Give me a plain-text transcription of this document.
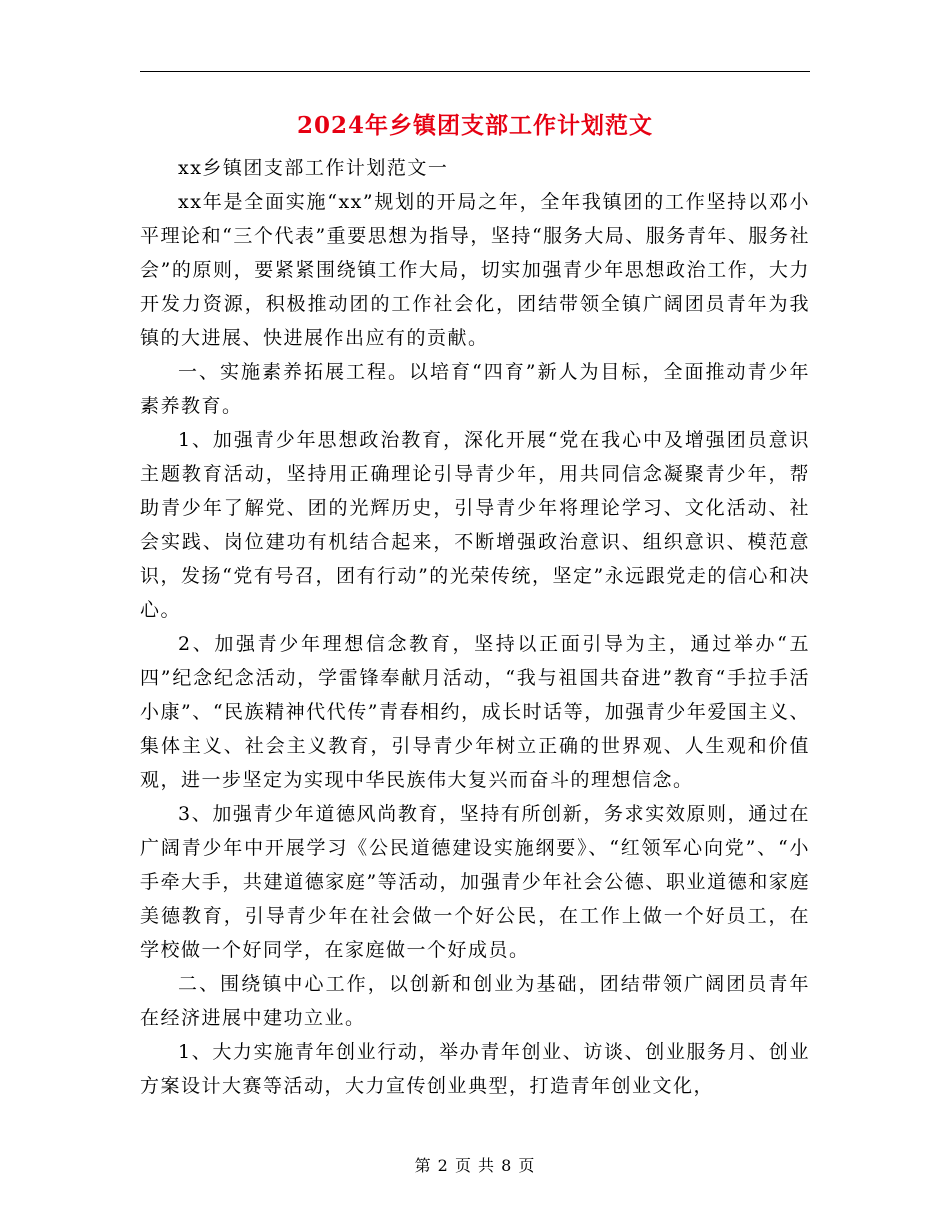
2024年乡镇团支部工作计划范文

xx乡镇团支部工作计划范文一

xx年是全面实施“xx”规划的开局之年，全年我镇团的工作坚持以邓小平理论和“三个代表”重要思想为指导，坚持“服务大局、服务青年、服务社会”的原则，要紧紧围绕镇工作大局，切实加强青少年思想政治工作，大力开发力资源，积极推动团的工作社会化，团结带领全镇广阔团员青年为我镇的大进展、快进展作出应有的贡献。

一、实施素养拓展工程。以培育“四育”新人为目标，全面推动青少年素养教育。

1、加强青少年思想政治教育，深化开展“党在我心中及增强团员意识主题教育活动，坚持用正确理论引导青少年，用共同信念凝聚青少年，帮助青少年了解党、团的光辉历史，引导青少年将理论学习、文化活动、社会实践、岗位建功有机结合起来，不断增强政治意识、组织意识、模范意识，发扬“党有号召，团有行动”的光荣传统，坚定”永远跟党走的信心和决心。

2、加强青少年理想信念教育，坚持以正面引导为主，通过举办“五四”纪念纪念活动，学雷锋奉献月活动，“我与祖国共奋进”教育“手拉手活小康”、“民族精神代代传”青春相约，成长时话等，加强青少年爱国主义、集体主义、社会主义教育，引导青少年树立正确的世界观、人生观和价值观，进一步坚定为实现中华民族伟大复兴而奋斗的理想信念。

3、加强青少年道德风尚教育，坚持有所创新，务求实效原则，通过在广阔青少年中开展学习《公民道德建设实施纲要》、“红领军心向党”、“小手牵大手，共建道德家庭”等活动，加强青少年社会公德、职业道德和家庭美德教育，引导青少年在社会做一个好公民，在工作上做一个好员工，在学校做一个好同学，在家庭做一个好成员。

二、围绕镇中心工作，以创新和创业为基础，团结带领广阔团员青年在经济进展中建功立业。

1、大力实施青年创业行动，举办青年创业、访谈、创业服务月、创业方案设计大赛等活动，大力宣传创业典型，打造青年创业文化，

第 2 页 共 8 页
